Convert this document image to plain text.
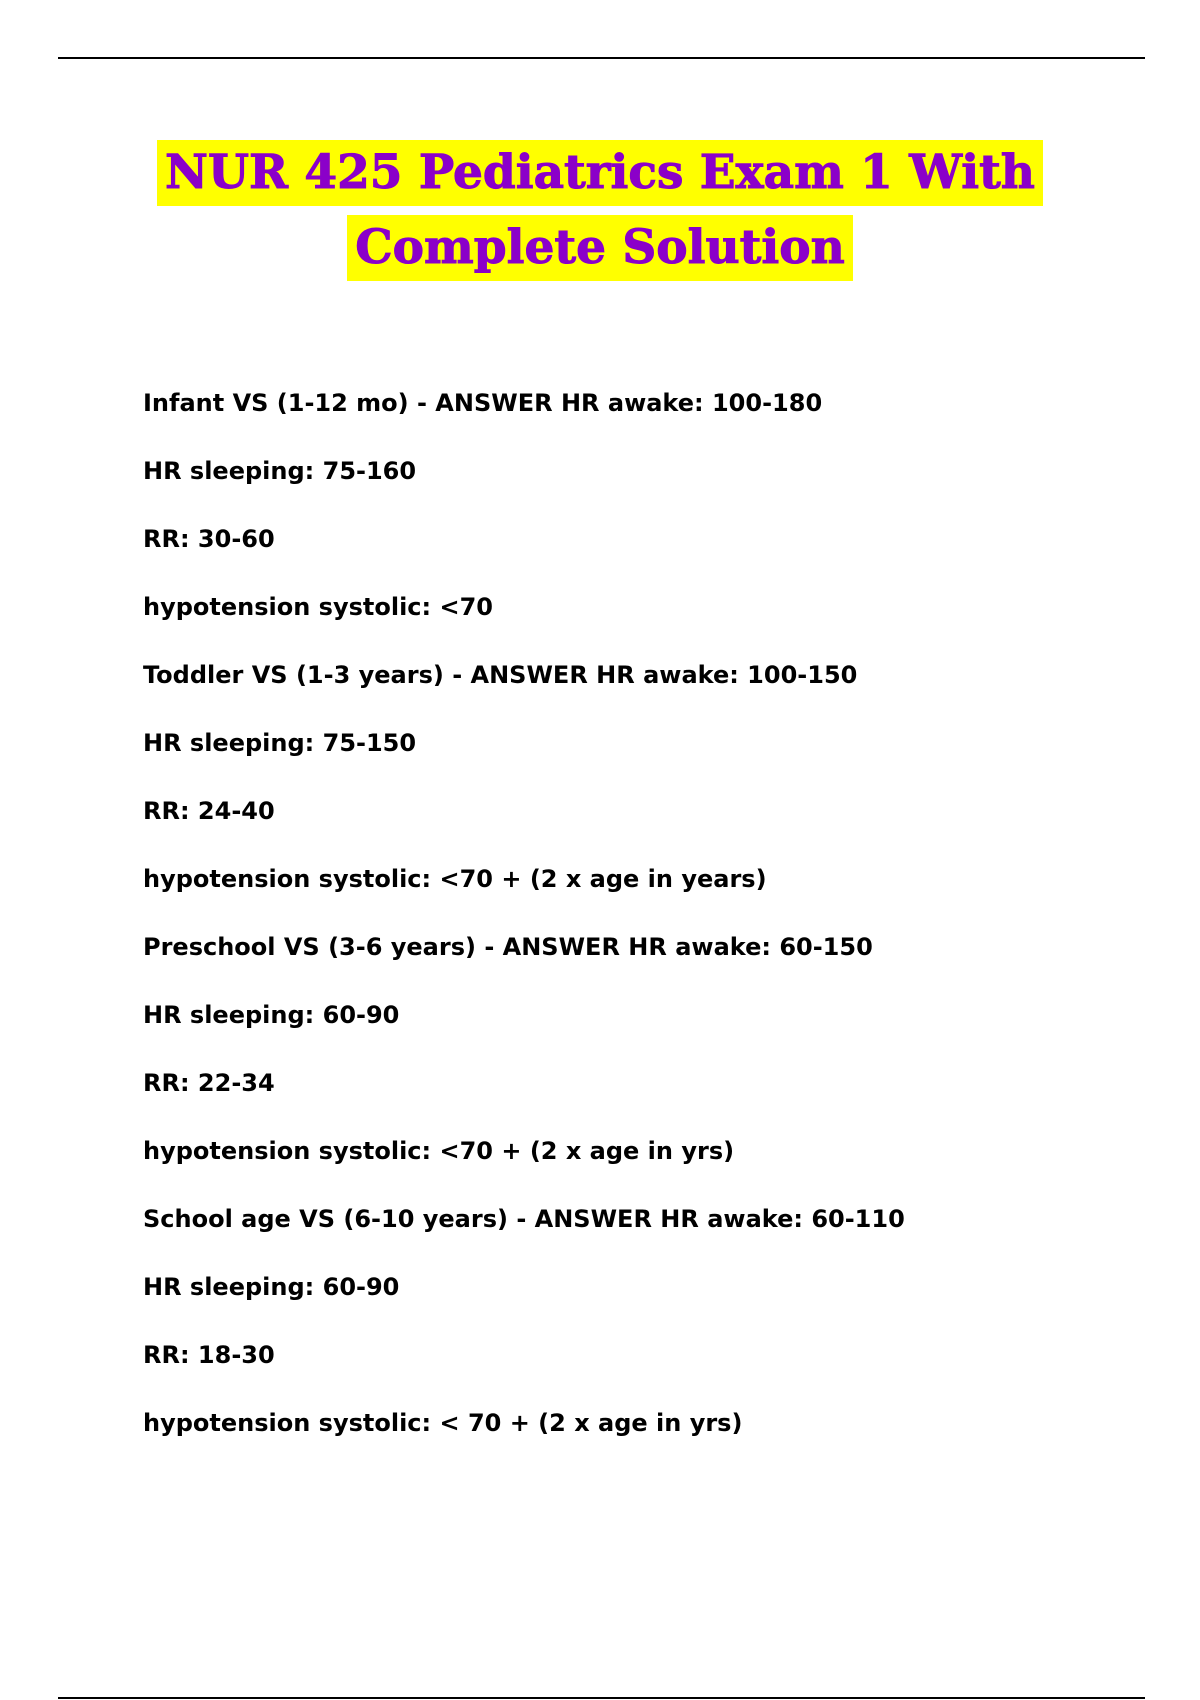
NUR 425 Pediatrics Exam 1 With
Complete Solution
Infant VS (1-12 mo) - ANSWER HR awake: 100-180
HR sleeping: 75-160
RR: 30-60
hypotension systolic: <70
Toddler VS (1-3 years) - ANSWER HR awake: 100-150
HR sleeping: 75-150
RR: 24-40
hypotension systolic: <70 + (2 x age in years)
Preschool VS (3-6 years) - ANSWER HR awake: 60-150
HR sleeping: 60-90
RR: 22-34
hypotension systolic: <70 + (2 x age in yrs)
School age VS (6-10 years) - ANSWER HR awake: 60-110
HR sleeping: 60-90
RR: 18-30
hypotension systolic: < 70 + (2 x age in yrs)
